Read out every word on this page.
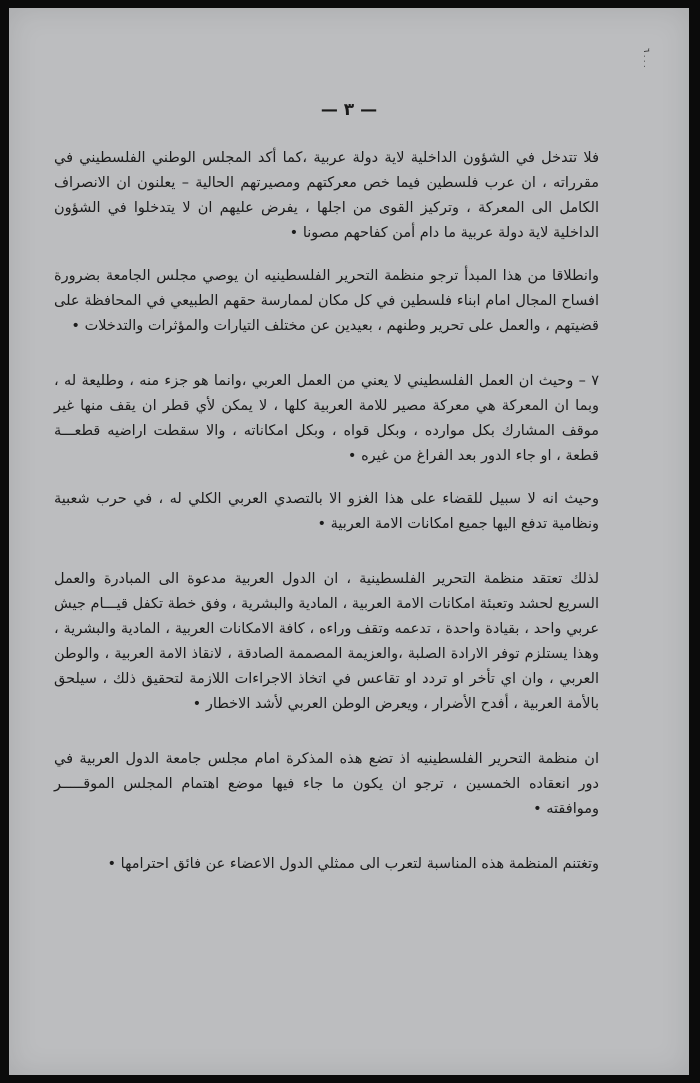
— ٣ —
٦ . . .

فلا تتدخل في الشؤون الداخلية لاية دولة عربية ،كما أكد المجلس الوطني الفلسطيني في مقرراته ، ان عرب فلسطين فيما خص معركتهم ومصيرتهم الحالية – يعلنون ان الانصراف الكامل الى المعركة ، وتركيز القوى من اجلها ، يفرض عليهم ان لا يتدخلوا في الشؤون الداخلية لاية دولة عربية ما دام أمن كفاحهم مصونا •

وانطلاقا من هذا المبدأ ترجو منظمة التحرير الفلسطينيه ان يوصي مجلس الجامعة بضرورة افساح المجال امام ابناء فلسطين في كل مكان لممارسة حقهم الطبيعي في المحافظة على قضيتهم ، والعمل على تحرير وطنهم ، بعيدين عن مختلف التيارات والمؤثرات والتدخلات •

٧ – وحيث ان العمل الفلسطيني لا يعني من العمل العربي ،وانما هو جزء منه ، وطليعة له ، وبما ان المعركة هي معركة مصير للامة العربية كلها ، لا يمكن لأي قطر ان يقف منها غير موقف المشارك بكل موارده ، وبكل قواه ، وبكل امكاناته ، والا سقطت اراضيه قطعـــة قطعة ، او جاء الدور بعد الفراغ من غيره •

وحيث انه لا سبيل للقضاء على هذا الغزو الا بالتصدي العربي الكلي له ، في حرب شعبية ونظامية تدفع اليها جميع امكانات الامة العربية •

لذلك تعتقد منظمة التحرير الفلسطينية ، ان الدول العربية مدعوة الى المبادرة والعمل السريع لحشد وتعبئة امكانات الامة العربية ، المادية والبشرية ، وفق خطة تكفل قيـــام جيش عربي واحد ، بقيادة واحدة ، تدعمه وتقف وراءه ، كافة الامكانات العربية ، المادية والبشرية ، وهذا يستلزم توفر الارادة الصلبة ،والعزيمة المصممة الصادقة ، لانقاذ الامة العربية ، والوطن العربي ، وان اي تأخر او تردد او تقاعس في اتخاذ الاجراءات اللازمة لتحقيق ذلك ، سيلحق بالأمة العربية ، أفدح الأضرار ، ويعرض الوطن العربي لأشد الاخطار •

ان منظمة التحرير الفلسطينيه اذ تضع هذه المذكرة امام مجلس جامعة الدول العربية في دور انعقاده الخمسين ، ترجو ان يكون ما جاء فيها موضع اهتمام المجلس الموقـــــر وموافقته •

وتغتنم المنظمة هذه المناسبة لتعرب الى ممثلي الدول الاعضاء عن فائق احترامها •
